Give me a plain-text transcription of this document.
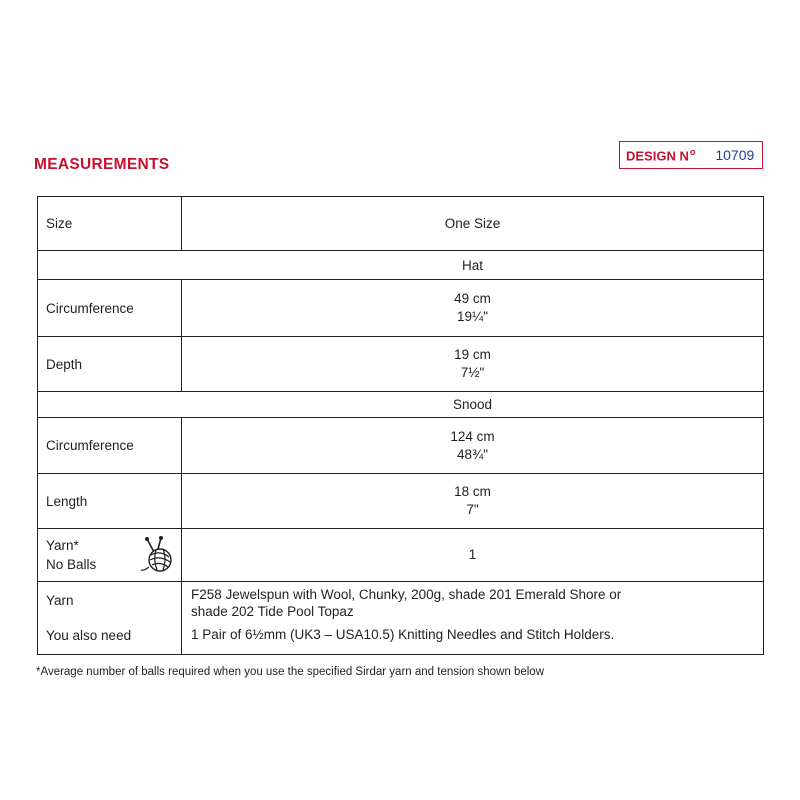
MEASUREMENTS
DESIGN $N^o$ 10709
Size	One Size
Hat
Circumference
49 cm
19¼"
Depth
19 cm
7½"
Snood
Circumference
124 cm
48¾"
Length
18 cm
7"
Yarn*
No Balls
1
Yarn
You also need
F258 Jewelspun with Wool, Chunky, 200g, shade 201 Emerald Shore or
shade 202 Tide Pool Topaz
1 Pair of 6½mm (UK3 – USA10.5) Knitting Needles and Stitch Holders.
*Average number of balls required when you use the specified Sirdar yarn and tension shown below
